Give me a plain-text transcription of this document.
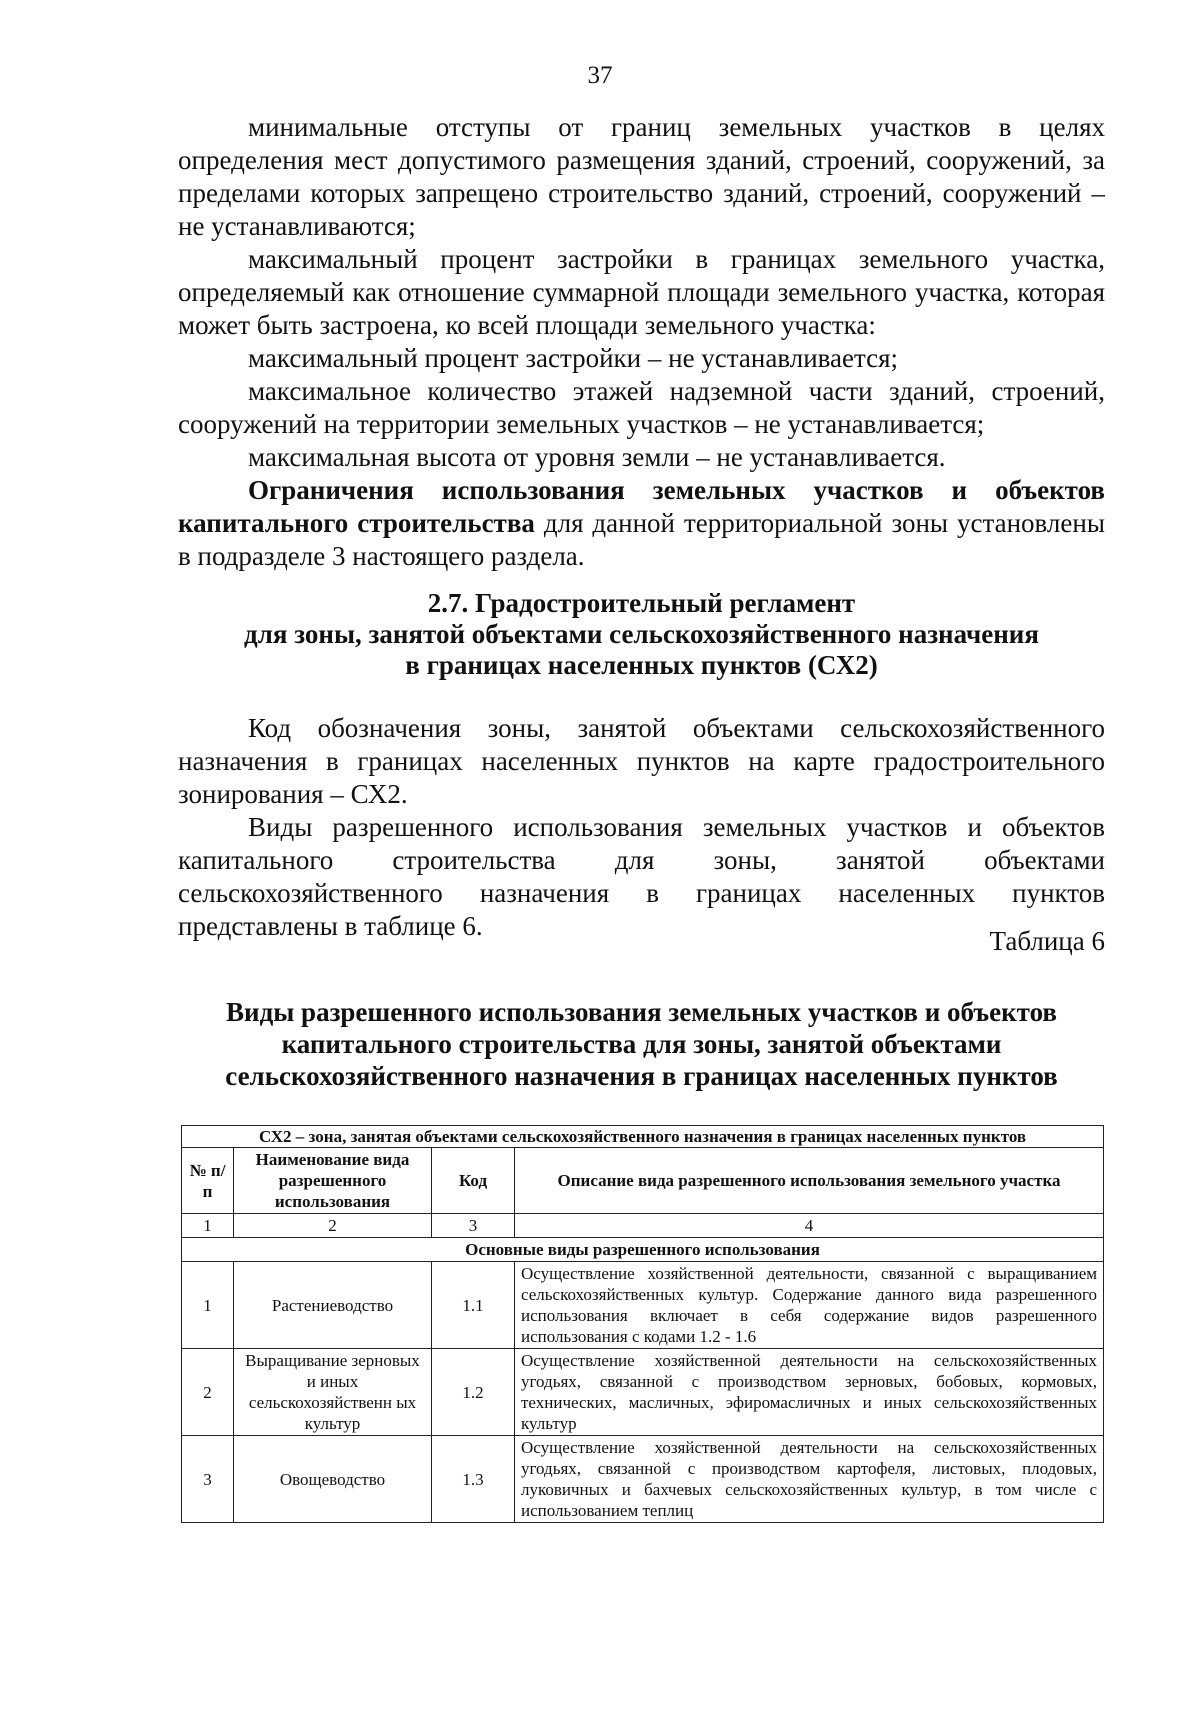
37

минимальные отступы от границ земельных участков в целях определения мест допустимого размещения зданий, строений, сооружений, за пределами которых запрещено строительство зданий, строений, сооружений – не устанавливаются;

максимальный процент застройки в границах земельного участка, определяемый как отношение суммарной площади земельного участка, которая может быть застроена, ко всей площади земельного участка:

максимальный процент застройки – не устанавливается;

максимальное количество этажей надземной части зданий, строений, сооружений на территории земельных участков – не устанавливается;

максимальная высота от уровня земли – не устанавливается.

Ограничения использования земельных участков и объектов капитального строительства для данной территориальной зоны установлены в подразделе 3 настоящего раздела.

2.7. Градостроительный регламент
для зоны, занятой объектами сельскохозяйственного назначения
в границах населенных пунктов (СХ2)

Код обозначения зоны, занятой объектами сельскохозяйственного назначения в границах населенных пунктов на карте градостроительного зонирования – СХ2.

Виды разрешенного использования земельных участков и объектов капитального строительства для зоны, занятой объектами сельскохозяйственного назначения в границах населенных пунктов представлены в таблице 6.	Таблица 6
Виды разрешенного использования земельных участков и объектов
капитального строительства для зоны, занятой объектами
сельскохозяйственного назначения в границах населенных пунктов
СХ2 – зона, занятая объектами сельскохозяйственного назначения в границах населенных пунктов			
№ п/п	Наименование вида разрешенного использования	Код	Описание вида разрешенного использования земельного участка
1	2	3	4
Основные виды разрешенного использования			
1	Растениеводство	1.1	Осуществление хозяйственной деятельности, связанной с выращиванием сельскохозяйственных культур. Содержание данного вида разрешенного использования включает в себя содержание видов разрешенного использования с кодами 1.2 - 1.6
2	Выращивание зерновых и иных сельскохозяйственн ых культур	1.2	Осуществление хозяйственной деятельности на сельскохозяйственных угодьях, связанной с производством зерновых, бобовых, кормовых, технических, масличных, эфиромасличных и иных сельскохозяйственных культур
3	Овощеводство	1.3	Осуществление хозяйственной деятельности на сельскохозяйственных угодьях, связанной с производством картофеля, листовых, плодовых, луковичных и бахчевых сельскохозяйственных культур, в том числе с использованием теплиц
